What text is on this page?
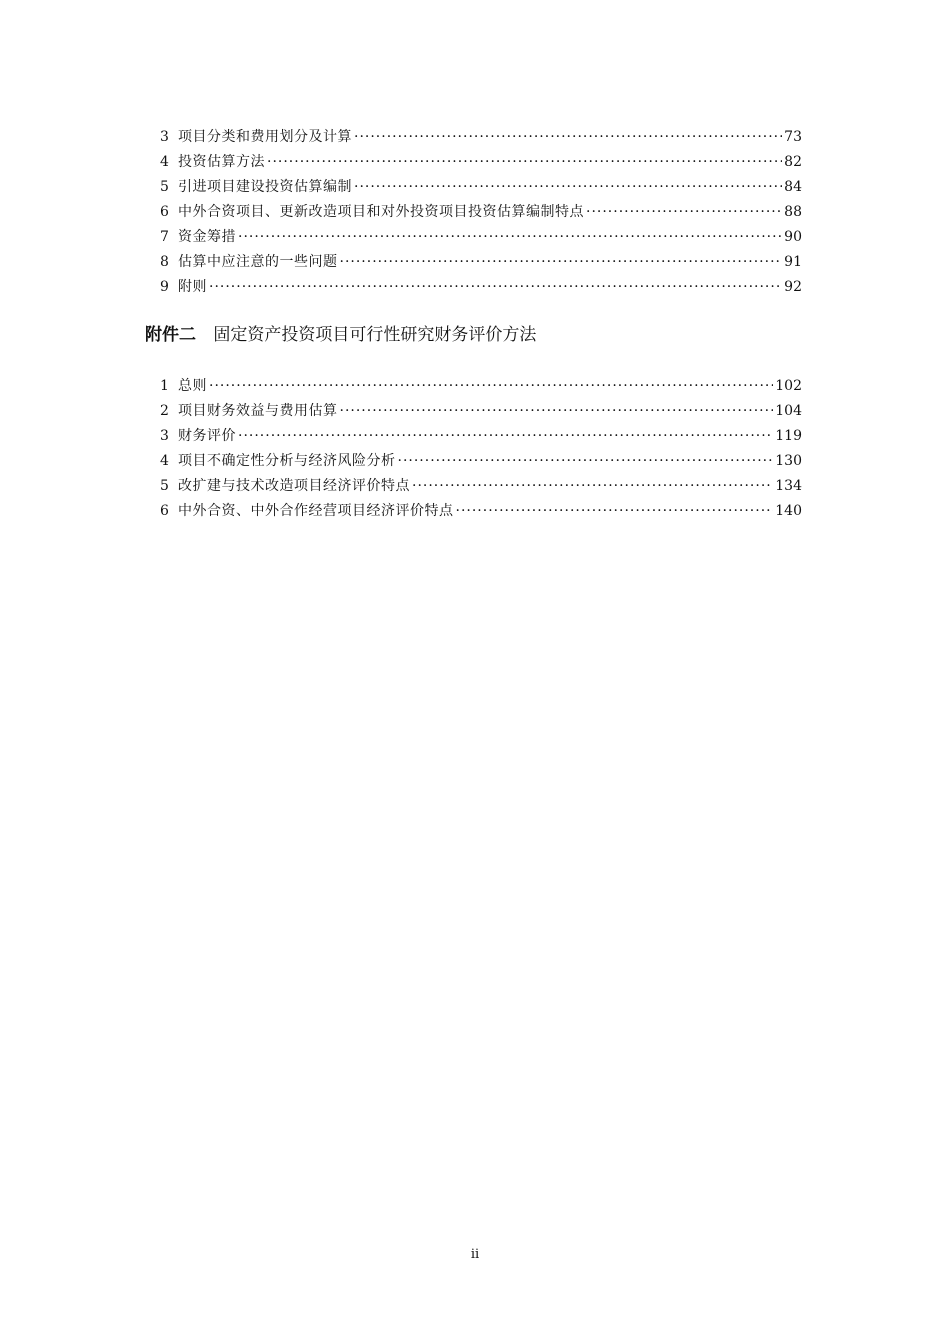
3 项目分类和费用划分及计算 ·····	73
4 投资估算方法 ·····	82
5 引进项目建设投资估算编制 ·····	84
6 中外合资项目、更新改造项目和对外投资项目投资估算编制特点 ·····	88
7 资金筹措 ·····	90
8 估算中应注意的一些问题 ·····	91
9 附则 ·····	92
附件二 固定资产投资项目可行性研究财务评价方法
1 总则 ·····	102
2 项目财务效益与费用估算 ·····	104
3 财务评价 ·····	119
4 项目不确定性分析与经济风险分析 ·····	130
5 改扩建与技术改造项目经济评价特点 ·····	134
6 中外合资、中外合作经营项目经济评价特点 ·····	140
ii
